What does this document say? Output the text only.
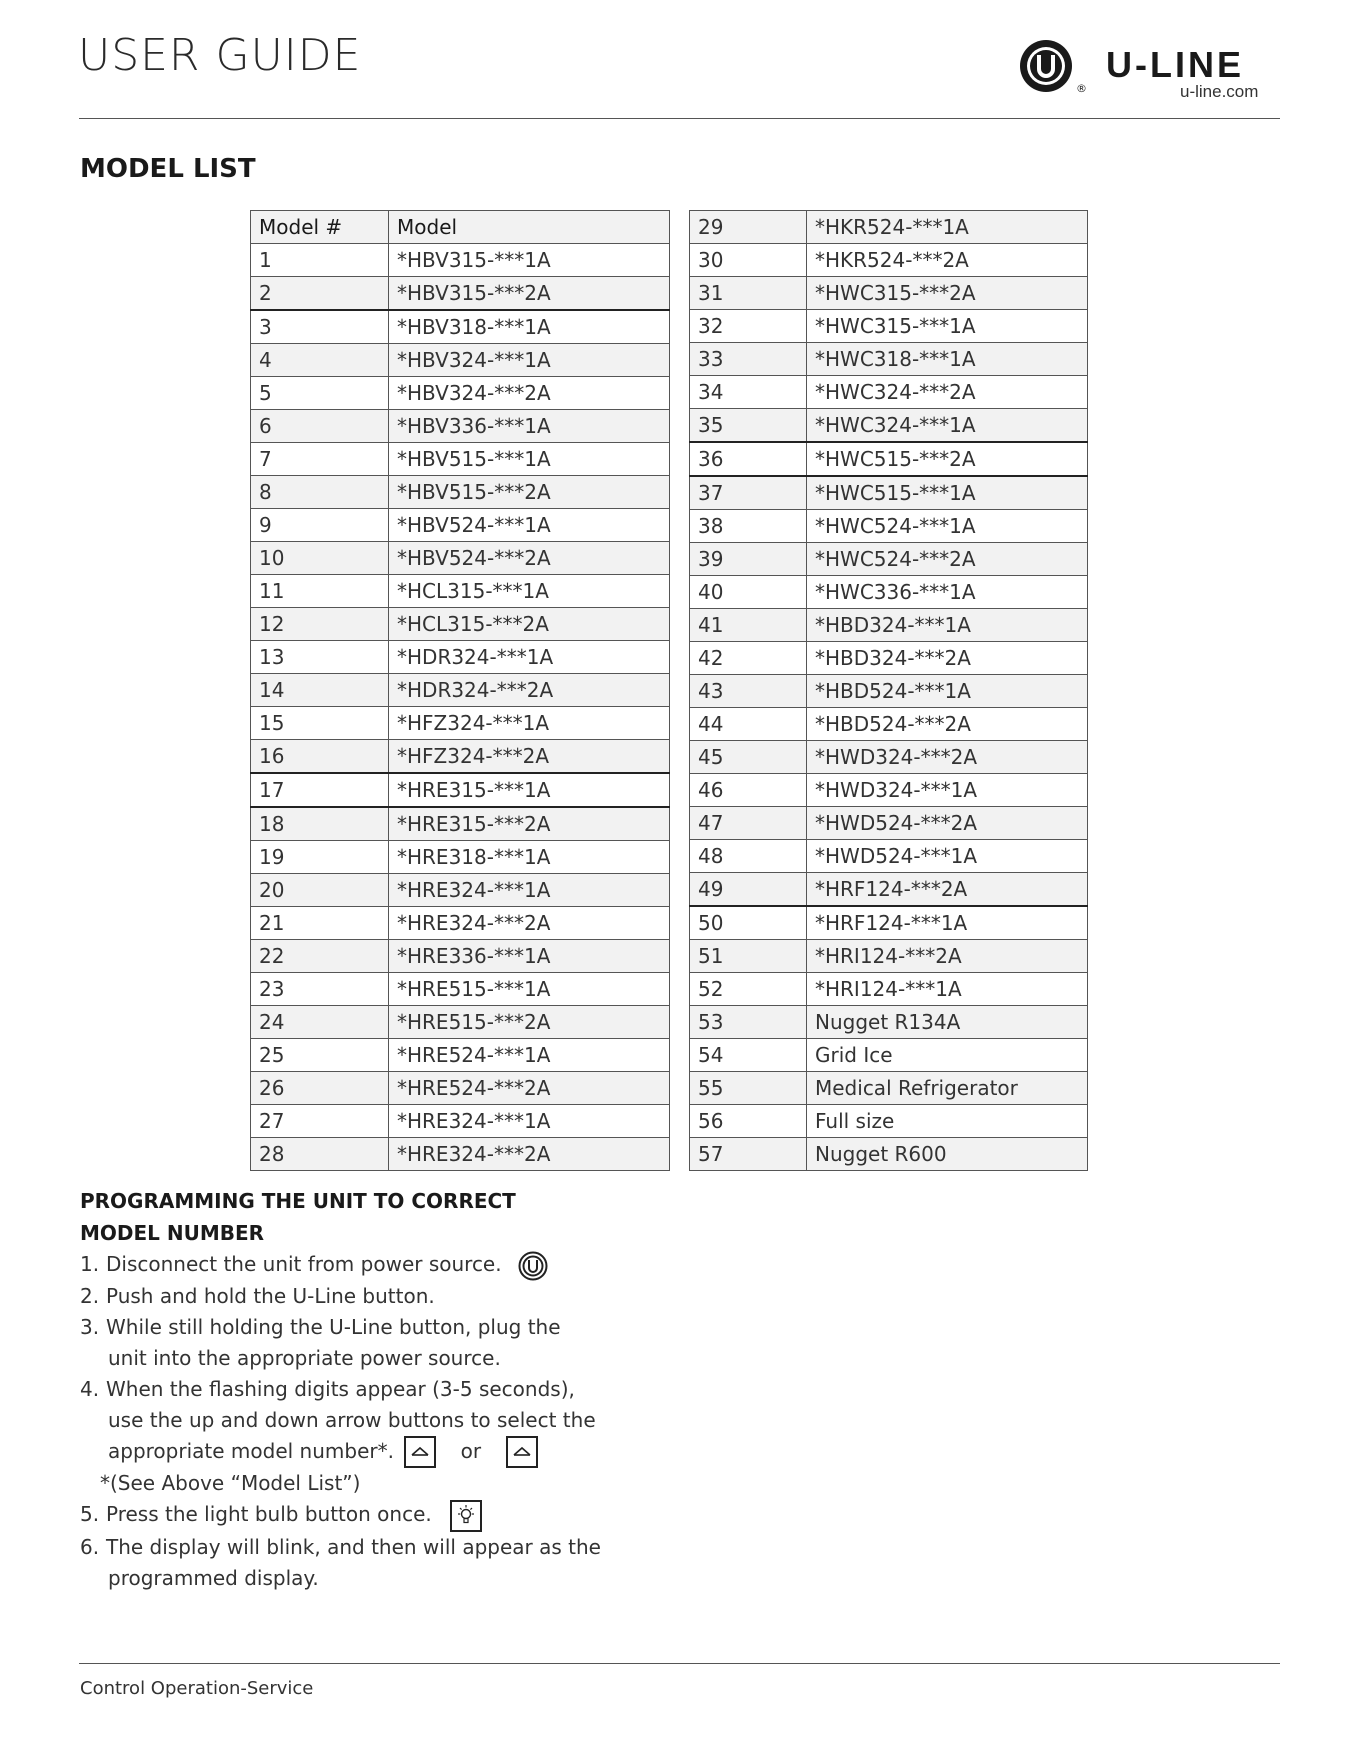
USER GUIDE
®
U-LINE
u-line.com
MODEL LIST
Model #	Model
1	*HBV315-***1A
2	*HBV315-***2A
3	*HBV318-***1A
4	*HBV324-***1A
5	*HBV324-***2A
6	*HBV336-***1A
7	*HBV515-***1A
8	*HBV515-***2A
9	*HBV524-***1A
10	*HBV524-***2A
11	*HCL315-***1A
12	*HCL315-***2A
13	*HDR324-***1A
14	*HDR324-***2A
15	*HFZ324-***1A
16	*HFZ324-***2A
17	*HRE315-***1A
18	*HRE315-***2A
19	*HRE318-***1A
20	*HRE324-***1A
21	*HRE324-***2A
22	*HRE336-***1A
23	*HRE515-***1A
24	*HRE515-***2A
25	*HRE524-***1A
26	*HRE524-***2A
27	*HRE324-***1A
28	*HRE324-***2A
29	*HKR524-***1A
30	*HKR524-***2A
31	*HWC315-***2A
32	*HWC315-***1A
33	*HWC318-***1A
34	*HWC324-***2A
35	*HWC324-***1A
36	*HWC515-***2A
37	*HWC515-***1A
38	*HWC524-***1A
39	*HWC524-***2A
40	*HWC336-***1A
41	*HBD324-***1A
42	*HBD324-***2A
43	*HBD524-***1A
44	*HBD524-***2A
45	*HWD324-***2A
46	*HWD324-***1A
47	*HWD524-***2A
48	*HWD524-***1A
49	*HRF124-***2A
50	*HRF124-***1A
51	*HRI124-***2A
52	*HRI124-***1A
53	Nugget R134A
54	Grid Ice
55	Medical Refrigerator
56	Full size
57	Nugget R600
PROGRAMMING THE UNIT TO CORRECT MODEL NUMBER
1. Disconnect the unit from power source.
2. Push and hold the U-Line button.
3. While still holding the U-Line button, plug the
unit into the appropriate power source.
4. When the flashing digits appear (3-5 seconds),
use the up and down arrow buttons to select the
appropriate model number*.	or
*(See Above “Model List”)
5. Press the light bulb button once.
6. The display will blink, and then will appear as the
programmed display.
Control Operation-Service
